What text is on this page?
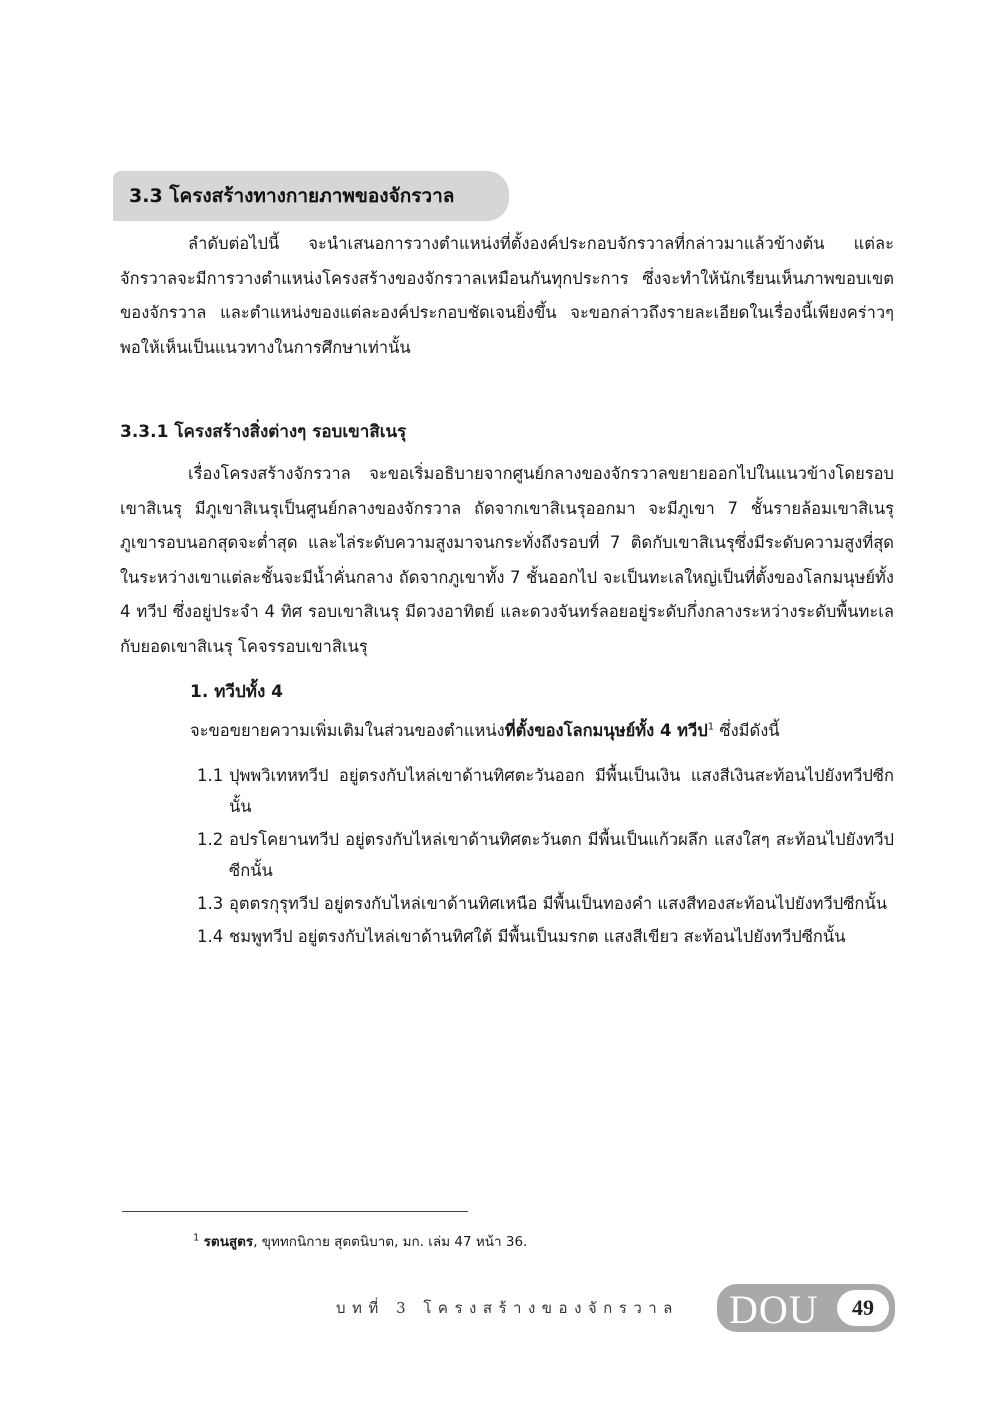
3.3 โครงสร้างทางกายภาพของจักรวาล

ลำดับต่อไปนี้ จะนำเสนอการวางตำแหน่งที่ตั้งองค์ประกอบจักรวาลที่กล่าวมาแล้วข้างต้น แต่ละจักรวาลจะมีการวางตำแหน่งโครงสร้างของจักรวาลเหมือนกันทุกประการ ซึ่งจะทำให้นักเรียนเห็นภาพขอบเขตของจักรวาล และตำแหน่งของแต่ละองค์ประกอบชัดเจนยิ่งขึ้น จะขอกล่าวถึงรายละเอียดในเรื่องนี้เพียงคร่าวๆ พอให้เห็นเป็นแนวทางในการศึกษาเท่านั้น

3.3.1 โครงสร้างสิ่งต่างๆ รอบเขาสิเนรุ

เรื่องโครงสร้างจักรวาล จะขอเริ่มอธิบายจากศูนย์กลางของจักรวาลขยายออกไปในแนวข้างโดยรอบเขาสิเนรุ มีภูเขาสิเนรุเป็นศูนย์กลางของจักรวาล ถัดจากเขาสิเนรุออกมา จะมีภูเขา 7 ชั้นรายล้อมเขาสิเนรุ ภูเขารอบนอกสุดจะต่ำสุด และไล่ระดับความสูงมาจนกระทั่งถึงรอบที่ 7 ติดกับเขาสิเนรุซึ่งมีระดับความสูงที่สุด ในระหว่างเขาแต่ละชั้นจะมีน้ำคั่นกลาง ถัดจากภูเขาทั้ง 7 ชั้นออกไป จะเป็นทะเลใหญ่เป็นที่ตั้งของโลกมนุษย์ทั้ง 4 ทวีป ซึ่งอยู่ประจำ 4 ทิศ รอบเขาสิเนรุ มีดวงอาทิตย์ และดวงจันทร์ลอยอยู่ระดับกึ่งกลางระหว่างระดับพื้นทะเลกับยอดเขาสิเนรุ โคจรรอบเขาสิเนรุ

1. ทวีปทั้ง 4

จะขอขยายความเพิ่มเติมในส่วนของตำแหน่งที่ตั้งของโลกมนุษย์ทั้ง 4 ทวีป$^1$ ซึ่งมีดังนี้

1.1 ปุพพวิเทหทวีป อยู่ตรงกับไหล่เขาด้านทิศตะวันออก มีพื้นเป็นเงิน แสงสีเงินสะท้อนไปยังทวีปซีกนั้น
1.2 อปรโคยานทวีป อยู่ตรงกับไหล่เขาด้านทิศตะวันตก มีพื้นเป็นแก้วผลึก แสงใสๆ สะท้อนไปยังทวีปซีกนั้น
1.3 อุตตรกุรุทวีป อยู่ตรงกับไหล่เขาด้านทิศเหนือ มีพื้นเป็นทองคำ แสงสีทองสะท้อนไปยังทวีปซีกนั้น
1.4 ชมพูทวีป อยู่ตรงกับไหล่เขาด้านทิศใต้ มีพื้นเป็นมรกต แสงสีเขียว สะท้อนไปยังทวีปซีกนั้น

$^1$ รตนสูตร, ขุททกนิกาย สุตตนิบาต, มก. เล่ม 47 หน้า 36.

บทที่ 3 โครงสร้างของจักรวาล DOU	49
